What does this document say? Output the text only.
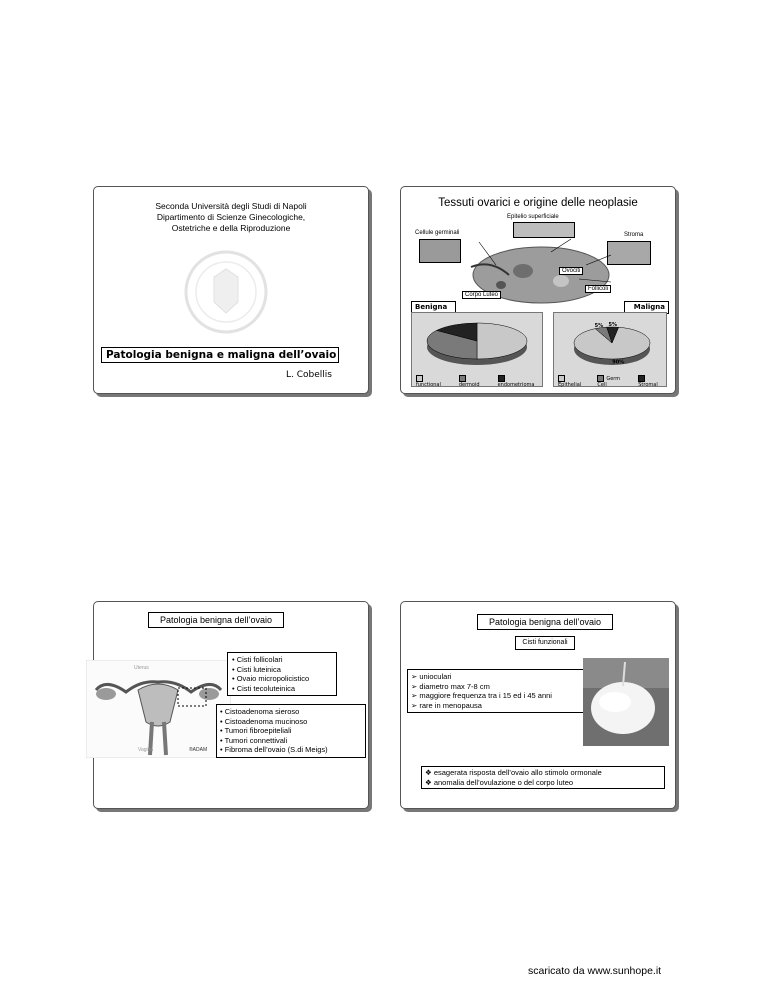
Seconda Università degli Studi di Napoli
Dipartimento di Scienze Ginecologiche,
Ostetriche e della Riproduzione
Patologia benigna e maligna dell’ovaio
L. Cobellis
Tessuti ovarici e origine delle neoplasie
Epitelio superficiale
Cellule germinali	Stroma
Ovociti
Follicoli
Corpo Luteo
Benigna
functional	dermoid	endometrioma
Maligna
90%
5% 5%
Epithelial
Germ Cell	Stromal
Patologia benigna dell’ovaio
Uterus
Vagina	®ADAM
• Cisti follicolari
• Cisti luteinica
• Ovaio micropolicistico
• Cisti tecoluteinica
• Cistoadenoma sieroso
• Cistoadenoma mucinoso
• Tumori fibroepiteliali
• Tumori connettivali
• Fibroma dell’ovaio (S.di Meigs)
Patologia benigna dell’ovaio
Cisti funzionali
➢ unioculari
➢ diametro max 7-8 cm
➢ maggiore frequenza tra i 15 ed i 45 anni
➢ rare in menopausa
❖ esagerata risposta dell’ovaio allo stimolo ormonale
❖ anomalia dell’ovulazione o del corpo luteo
scaricato da www.sunhope.it
